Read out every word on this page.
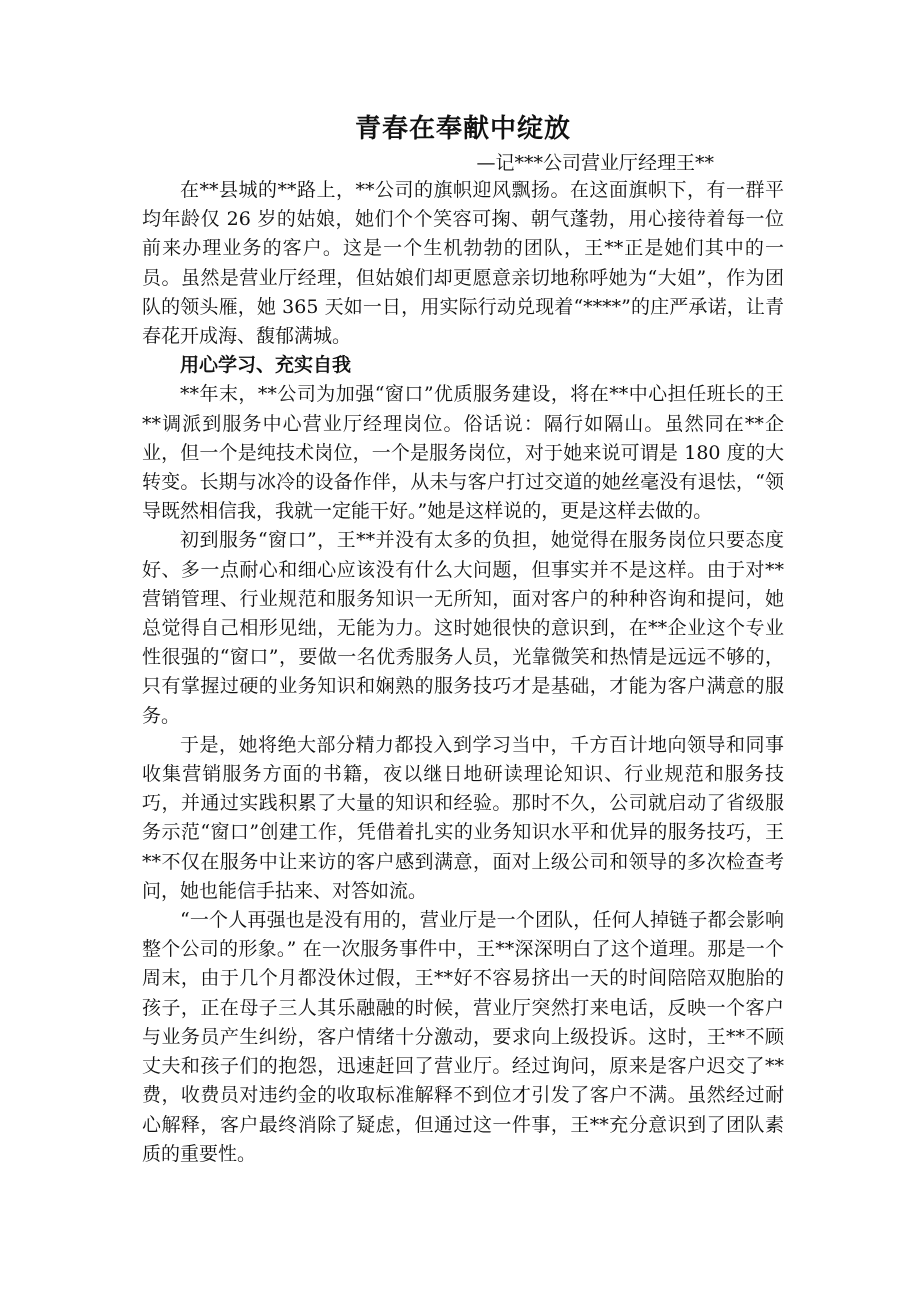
青春在奉献中绽放
—记***公司营业厅经理王**

在**县城的**路上，**公司的旗帜迎风飘扬。在这面旗帜下，有一群平均年龄仅 26 岁的姑娘，她们个个笑容可掬、朝气蓬勃，用心接待着每一位前来办理业务的客户。这是一个生机勃勃的团队，王**正是她们其中的一员。虽然是营业厅经理，但姑娘们却更愿意亲切地称呼她为“大姐”，作为团队的领头雁，她 365 天如一日，用实际行动兑现着“****”的庄严承诺，让青春花开成海、馥郁满城。

用心学习、充实自我

**年末，**公司为加强“窗口”优质服务建设，将在**中心担任班长的王**调派到服务中心营业厅经理岗位。俗话说：隔行如隔山。虽然同在**企业，但一个是纯技术岗位，一个是服务岗位，对于她来说可谓是 180 度的大转变。长期与冰冷的设备作伴，从未与客户打过交道的她丝毫没有退怯，“领导既然相信我，我就一定能干好。”她是这样说的，更是这样去做的。

初到服务“窗口”，王**并没有太多的负担，她觉得在服务岗位只要态度好、多一点耐心和细心应该没有什么大问题，但事实并不是这样。由于对**营销管理、行业规范和服务知识一无所知，面对客户的种种咨询和提问，她总觉得自己相形见绌，无能为力。这时她很快的意识到，在**企业这个专业性很强的“窗口”，要做一名优秀服务人员，光靠微笑和热情是远远不够的，只有掌握过硬的业务知识和娴熟的服务技巧才是基础，才能为客户满意的服务。

于是，她将绝大部分精力都投入到学习当中，千方百计地向领导和同事收集营销服务方面的书籍，夜以继日地研读理论知识、行业规范和服务技巧，并通过实践积累了大量的知识和经验。那时不久，公司就启动了省级服务示范“窗口”创建工作，凭借着扎实的业务知识水平和优异的服务技巧，王**不仅在服务中让来访的客户感到满意，面对上级公司和领导的多次检查考问，她也能信手拈来、对答如流。

“一个人再强也是没有用的，营业厅是一个团队，任何人掉链子都会影响整个公司的形象。” 在一次服务事件中，王**深深明白了这个道理。那是一个周末，由于几个月都没休过假，王**好不容易挤出一天的时间陪陪双胞胎的孩子，正在母子三人其乐融融的时候，营业厅突然打来电话，反映一个客户与业务员产生纠纷，客户情绪十分激动，要求向上级投诉。这时，王**不顾丈夫和孩子们的抱怨，迅速赶回了营业厅。经过询问，原来是客户迟交了**费，收费员对违约金的收取标准解释不到位才引发了客户不满。虽然经过耐心解释，客户最终消除了疑虑，但通过这一件事，王**充分意识到了团队素质的重要性。
